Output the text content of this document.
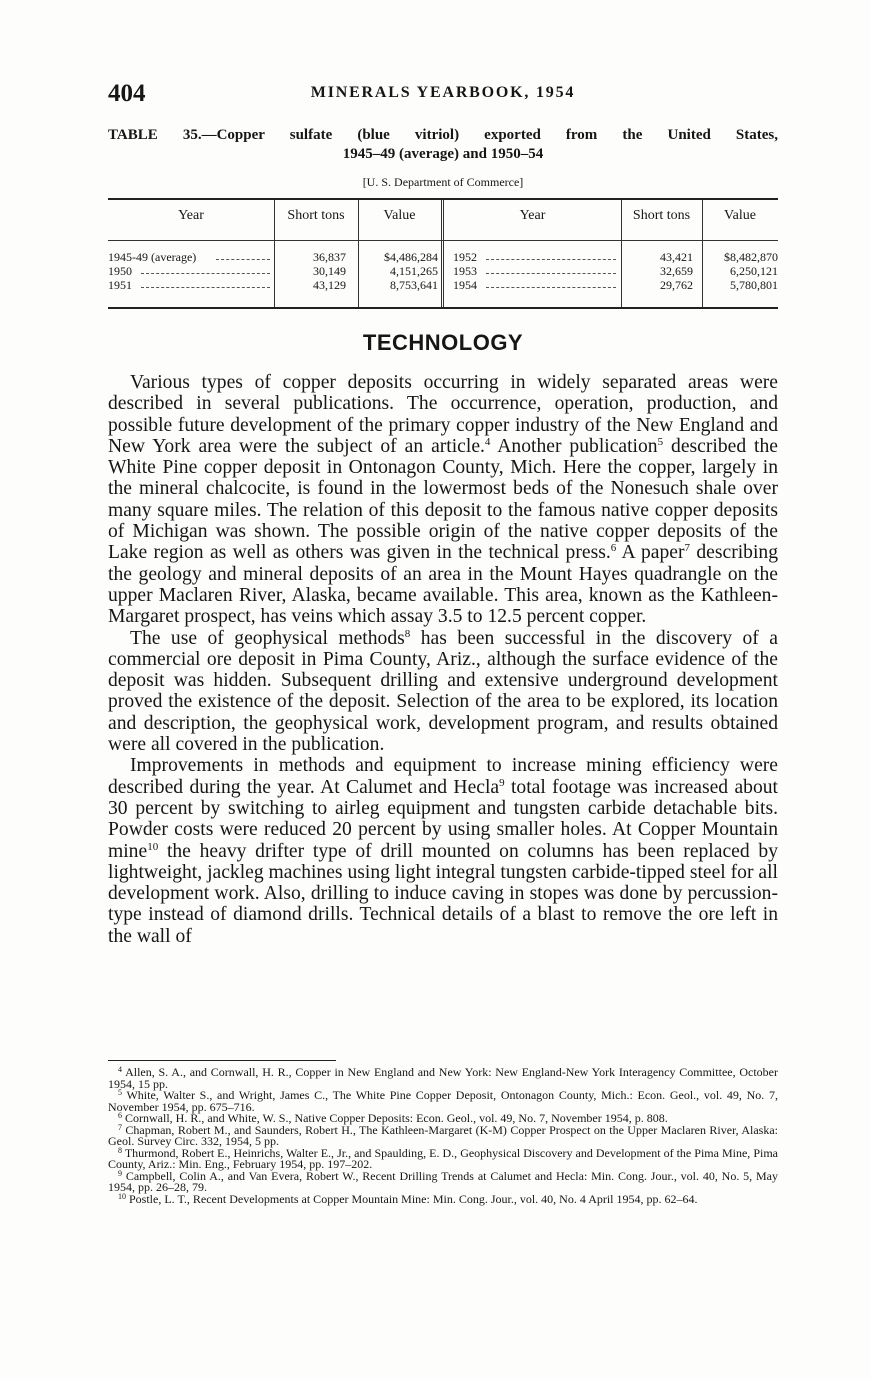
404	MINERALS YEARBOOK, 1954
TABLE 35.—Copper sulfate (blue vitriol) exported from the United States,
1945–49 (average) and 1950–54
[U. S. Department of Commerce]
Year	Short tons	Value	Year	Short tons	Value
1945-49 (average)	36,837	$4,486,284 1952	43,421	$8,482,870
1950	30,149	4,151,265 1953	32,659	6,250,121
1951	43,129	8,753,641 1954	29,762	5,780,801
TECHNOLOGY

Various types of copper deposits occurring in widely separated areas were described in several publications. The occurrence, operation, production, and possible future development of the primary copper industry of the New England and New York area were the subject of an article.$^4$ Another publication$^5$ described the White Pine copper deposit in Ontonagon County, Mich. Here the copper, largely in the mineral chalcocite, is found in the lowermost beds of the Nonesuch shale over many square miles. The relation of this deposit to the famous native copper deposits of Michigan was shown. The possible origin of the native copper deposits of the Lake region as well as others was given in the technical press.$^6$ A paper$^7$ describing the geology and mineral deposits of an area in the Mount Hayes quadrangle on the upper Maclaren River, Alaska, became available. This area, known as the Kathleen-Margaret prospect, has veins which assay 3.5 to 12.5 percent copper.

The use of geophysical methods$^8$ has been successful in the discovery of a commercial ore deposit in Pima County, Ariz., although the surface evidence of the deposit was hidden. Subsequent drilling and extensive underground development proved the existence of the deposit. Selection of the area to be explored, its location and description, the geophysical work, development program, and results obtained were all covered in the publication.

Improvements in methods and equipment to increase mining efficiency were described during the year. At Calumet and Hecla$^9$ total footage was increased about 30 percent by switching to airleg equipment and tungsten carbide detachable bits. Powder costs were reduced 20 percent by using smaller holes. At Copper Mountain mine$^{10}$ the heavy drifter type of drill mounted on columns has been replaced by lightweight, jackleg machines using light integral tungsten carbide-tipped steel for all development work. Also, drilling to induce caving in stopes was done by percussion-type instead of diamond drills. Technical details of a blast to remove the ore left in the wall of

$^4$ Allen, S. A., and Cornwall, H. R., Copper in New England and New York: New England-New York Interagency Committee, October 1954, 15 pp.

$^5$ White, Walter S., and Wright, James C., The White Pine Copper Deposit, Ontonagon County, Mich.: Econ. Geol., vol. 49, No. 7, November 1954, pp. 675–716.

$^6$ Cornwall, H. R., and White, W. S., Native Copper Deposits: Econ. Geol., vol. 49, No. 7, November 1954, p. 808.

$^7$ Chapman, Robert M., and Saunders, Robert H., The Kathleen-Margaret (K-M) Copper Prospect on the Upper Maclaren River, Alaska: Geol. Survey Circ. 332, 1954, 5 pp.

$^8$ Thurmond, Robert E., Heinrichs, Walter E., Jr., and Spaulding, E. D., Geophysical Discovery and Development of the Pima Mine, Pima County, Ariz.: Min. Eng., February 1954, pp. 197–202.

$^9$ Campbell, Colin A., and Van Evera, Robert W., Recent Drilling Trends at Calumet and Hecla: Min. Cong. Jour., vol. 40, No. 5, May 1954, pp. 26–28, 79.

$^{10}$ Postle, L. T., Recent Developments at Copper Mountain Mine: Min. Cong. Jour., vol. 40, No. 4 April 1954, pp. 62–64.
